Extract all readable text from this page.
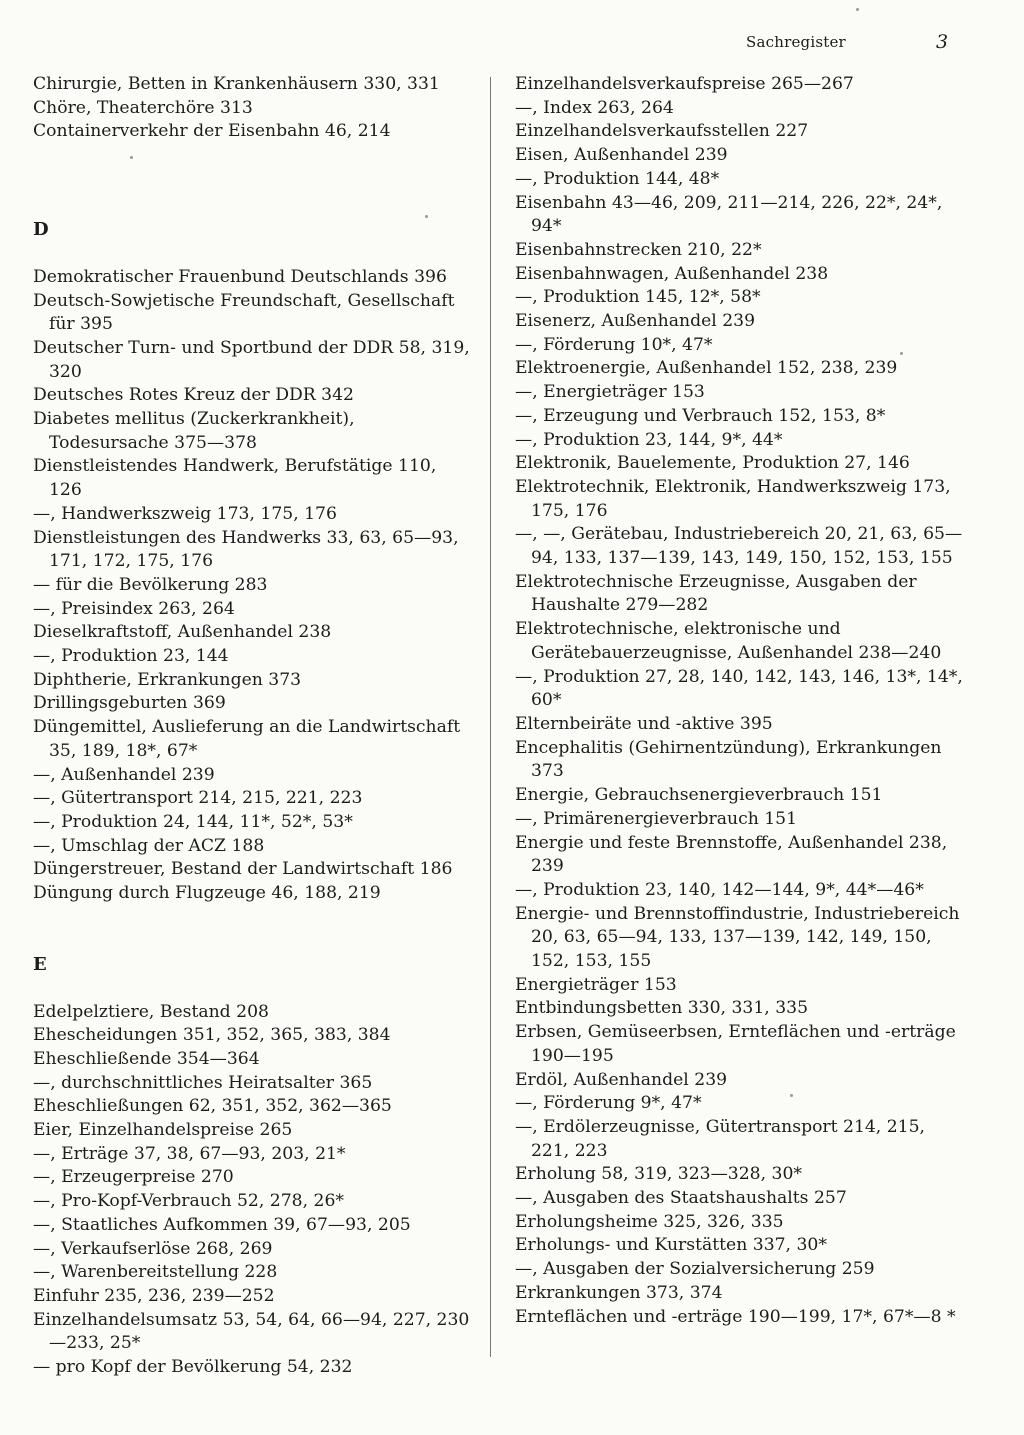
Sachregister	3
Chirurgie, Betten in Krankenhäusern 330, 331
Chöre, Theaterchöre 313
Containerverkehr der Eisenbahn 46, 214
D
Demokratischer Frauenbund Deutschlands 396
Deutsch-Sowjetische Freundschaft, Gesellschaft für 395
Deutscher Turn- und Sportbund der DDR 58, 319, 320
Deutsches Rotes Kreuz der DDR 342
Diabetes mellitus (Zuckerkrankheit), Todesursache 375—378
Dienstleistendes Handwerk, Berufstätige 110, 126
—, Handwerkszweig 173, 175, 176
Dienstleistungen des Handwerks 33, 63, 65—93, 171, 172, 175, 176
— für die Bevölkerung 283
—, Preisindex 263, 264
Dieselkraftstoff, Außenhandel 238
—, Produktion 23, 144
Diphtherie, Erkrankungen 373
Drillingsgeburten 369
Düngemittel, Auslieferung an die Landwirtschaft 35, 189, 18*, 67*
—, Außenhandel 239
—, Gütertransport 214, 215, 221, 223
—, Produktion 24, 144, 11*, 52*, 53*
—, Umschlag der ACZ 188
Düngerstreuer, Bestand der Landwirtschaft 186
Düngung durch Flugzeuge 46, 188, 219
E
Edelpelztiere, Bestand 208
Ehescheidungen 351, 352, 365, 383, 384
Eheschließende 354—364
—, durchschnittliches Heiratsalter 365
Eheschließungen 62, 351, 352, 362—365
Eier, Einzelhandelspreise 265
—, Erträge 37, 38, 67—93, 203, 21*
—, Erzeugerpreise 270
—, Pro-Kopf-Verbrauch 52, 278, 26*
—, Staatliches Aufkommen 39, 67—93, 205
—, Verkaufserlöse 268, 269
—, Warenbereitstellung 228
Einfuhr 235, 236, 239—252
Einzelhandelsumsatz 53, 54, 64, 66—94, 227, 230—233, 25*
— pro Kopf der Bevölkerung 54, 232
Einzelhandelsverkaufspreise 265—267
—, Index 263, 264
Einzelhandelsverkaufsstellen 227
Eisen, Außenhandel 239
—, Produktion 144, 48*
Eisenbahn 43—46, 209, 211—214, 226, 22*, 24*, 94*
Eisenbahnstrecken 210, 22*
Eisenbahnwagen, Außenhandel 238
—, Produktion 145, 12*, 58*
Eisenerz, Außenhandel 239
—, Förderung 10*, 47*
Elektroenergie, Außenhandel 152, 238, 239
—, Energieträger 153
—, Erzeugung und Verbrauch 152, 153, 8*
—, Produktion 23, 144, 9*, 44*
Elektronik, Bauelemente, Produktion 27, 146
Elektrotechnik, Elektronik, Handwerkszweig 173, 175, 176
—, —, Gerätebau, Industriebereich 20, 21, 63, 65—94, 133, 137—139, 143, 149, 150, 152, 153, 155
Elektrotechnische Erzeugnisse, Ausgaben der Haushalte 279—282
Elektrotechnische, elektronische und Gerätebauerzeugnisse, Außenhandel 238—240
—, Produktion 27, 28, 140, 142, 143, 146, 13*, 14*, 60*
Elternbeiräte und -aktive 395
Encephalitis (Gehirnentzündung), Erkrankungen 373
Energie, Gebrauchsenergieverbrauch 151
—, Primärenergieverbrauch 151
Energie und feste Brennstoffe, Außenhandel 238, 239
—, Produktion 23, 140, 142—144, 9*, 44*—46*
Energie- und Brennstoffindustrie, Industriebereich 20, 63, 65—94, 133, 137—139, 142, 149, 150, 152, 153, 155
Energieträger 153
Entbindungsbetten 330, 331, 335
Erbsen, Gemüseerbsen, Ernteflächen und -erträge 190—195
Erdöl, Außenhandel 239
—, Förderung 9*, 47*
—, Erdölerzeugnisse, Gütertransport 214, 215, 221, 223
Erholung 58, 319, 323—328, 30*
—, Ausgaben des Staatshaushalts 257
Erholungsheime 325, 326, 335
Erholungs- und Kurstätten 337, 30*
—, Ausgaben der Sozialversicherung 259
Erkrankungen 373, 374
Ernteflächen und -erträge 190—199, 17*, 67*—8 *
